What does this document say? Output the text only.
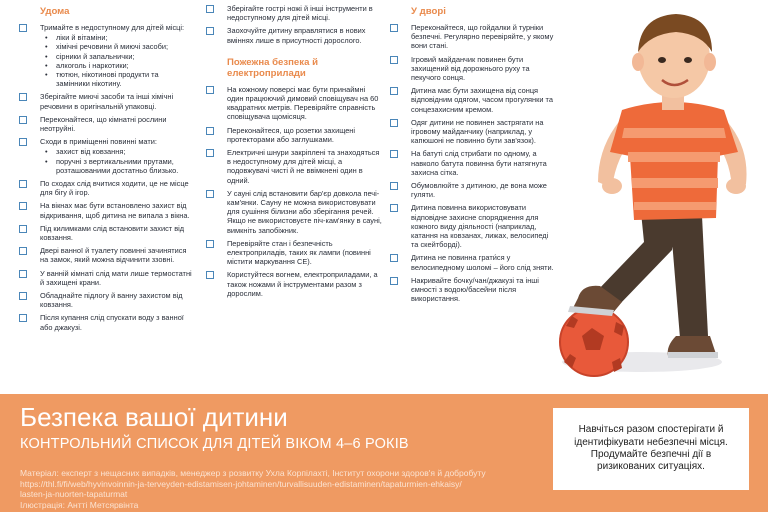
Удома
Тримайте в недоступному для дітей місці:
• ліки й вітаміни;
• хімічні речовини й миючі засоби;
• сірники й запальнички;
• алкоголь і наркотики;
• тютюн, нікотинові продукти та замінники нікотину.
Зберігайте миючі засоби та інші хімічні речовини в оригінальній упаковці.
Переконайтеся, що кімнатні рослини неотруйні.
Сходи в приміщенні повинні мати:
• захист від ковзання;
• поручні з вертикальними прутами, розташованими достатньо близько.
По сходах слід вчитися ходити, це не місце для бігу й ігор.
На вікнах має бути встановлено захист від відкривання, щоб дитина не випала з вікна.
Під килимками слід встановити захист від ковзання.
Двері ванної й туалету повинні зачинятися на замок, який можна відчинити ззовні.
У ванній кімнаті слід мати лише термостатні й захищені крани.
Обладнайте підлогу й ванну захистом від ковзання.
Після купання слід спускати воду з ванної або джакузі.
Зберігайте гострі ножі й інші інструменти в недоступному для дітей місці.
Заохочуйте дитину вправлятися в нових вміннях лише в присутності дорослого.
Пожежна безпека й електроприлади
На кожному поверсі має бути принаймні один працюючий димовий сповіщувач на 60 квадратних метрів. Перевіряйте справність сповіщувача щомісяця.
Переконайтеся, що розетки захищені протекторами або заглушками.
Електричні шнури закріплені та знаходяться в недоступному для дітей місці, а подовжувачі чисті й не ввімкнені один в одний.
У сауні слід встановити бар'єр довкола печі-кам'янки. Сауну не можна використовувати для сушіння білизни або зберігання речей. Якщо не використовуєте піч-кам'янку в сауні, вимкніть запобіжник.
Перевіряйте стан і безпечність електроприладів, таких як лампи (повинні містити маркування CE).
Користуйтеся вогнем, електроприладами, а також ножами й інструментами разом з дорослим.
У дворі
Переконайтеся, що гойдалки й турніки безпечні. Регулярно перевіряйте, у якому вони стані.
Ігровий майданчик повинен бути захищений від дорожнього руху та пекучого сонця.
Дитина має бути захищена від сонця відповідним одягом, часом прогулянки та сонцезахисним кремом.
Одяг дитини не повинен застрягати на ігровому майданчику (наприклад, у капюшоні не повинно бути зав'язок).
На батуті слід стрибати по одному, а навколо батута повинна бути натягнута захисна сітка.
Обумовлюйте з дитиною, де вона може гуляти.
Дитина повинна використовувати відповідне захисне спорядження для кожного виду діяльності (наприклад, катання на ковзанах, лижах, велосипеді та скейтборді).
Дитина не повинна грати́ся у велосипедному шоломі – його слід зняти.
Накривайте бочку/чан/джакузі та інші ємності з водою/басейни після використання.
Безпека вашої дитини
КОНТРОЛЬНИЙ СПИСОК ДЛЯ ДІТЕЙ ВІКОМ 4–6 РОКІВ
Матеріал: експерт з нещасних випадків, менеджер з розвитку Ухла Корпілахті, Інститут охорони здоров'я й добробуту
https://thl.fi/fi/web/hyvinvoinnin-ja-terveyden-edistamisen-johtaminen/turvallisuuden-edistaminen/tapaturmien-ehkaisy/
lasten-ja-nuorten-tapaturmat
Ілюстрація: Антті Метсярвінта
Навчіться разом спостерігати й ідентифікувати небезпечні місця.
Продумайте безпечні дії в ризикованих ситуаціях.
